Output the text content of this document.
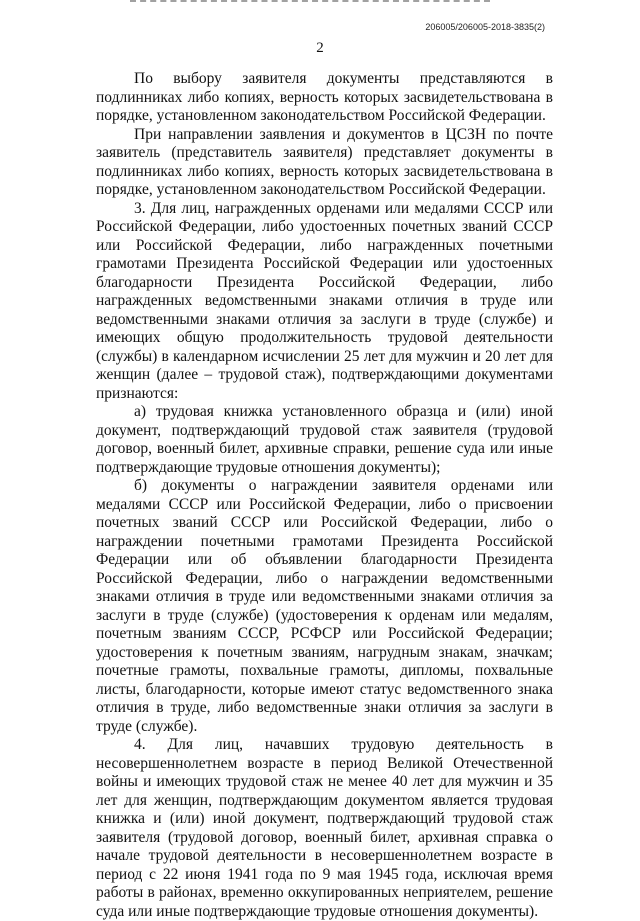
206005/206005-2018-3835(2)
2

По выбору заявителя документы представляются в подлинниках либо копиях, верность которых засвидетельствована в порядке, установленном законодательством Российской Федерации.

При направлении заявления и документов в ЦСЗН по почте заявитель (представитель заявителя) представляет документы в подлинниках либо копиях, верность которых засвидетельствована в порядке, установленном законодательством Российской Федерации.

3. Для лиц, награжденных орденами или медалями СССР или Российской Федерации, либо удостоенных почетных званий СССР или Российской Федерации, либо награжденных почетными грамотами Президента Российской Федерации или удостоенных благодарности Президента Российской Федерации, либо награжденных ведомственными знаками отличия в труде или ведомственными знаками отличия за заслуги в труде (службе) и имеющих общую продолжительность трудовой деятельности (службы) в календарном исчислении 25 лет для мужчин и 20 лет для женщин (далее – трудовой стаж), подтверждающими документами признаются:

а) трудовая книжка установленного образца и (или) иной документ, подтверждающий трудовой стаж заявителя (трудовой договор, военный билет, архивные справки, решение суда или иные подтверждающие трудовые отношения документы);

б) документы о награждении заявителя орденами или медалями СССР или Российской Федерации, либо о присвоении почетных званий СССР или Российской Федерации, либо о награждении почетными грамотами Президента Российской Федерации или об объявлении благодарности Президента Российской Федерации, либо о награждении ведомственными знаками отличия в труде или ведомственными знаками отличия за заслуги в труде (службе) (удостоверения к орденам или медалям, почетным званиям СССР, РСФСР или Российской Федерации; удостоверения к почетным званиям, нагрудным знакам, значкам; почетные грамоты, похвальные грамоты, дипломы, похвальные листы, благодарности, которые имеют статус ведомственного знака отличия в труде, либо ведомственные знаки отличия за заслуги в труде (службе).

4. Для лиц, начавших трудовую деятельность в несовершеннолетнем возрасте в период Великой Отечественной войны и имеющих трудовой стаж не менее 40 лет для мужчин и 35 лет для женщин, подтверждающим документом является трудовая книжка и (или) иной документ, подтверждающий трудовой стаж заявителя (трудовой договор, военный билет, архивная справка о начале трудовой деятельности в несовершеннолетнем возрасте в период с 22 июня 1941 года по 9 мая 1945 года, исключая время работы в районах, временно оккупированных неприятелем, решение суда или иные подтверждающие трудовые отношения документы).
